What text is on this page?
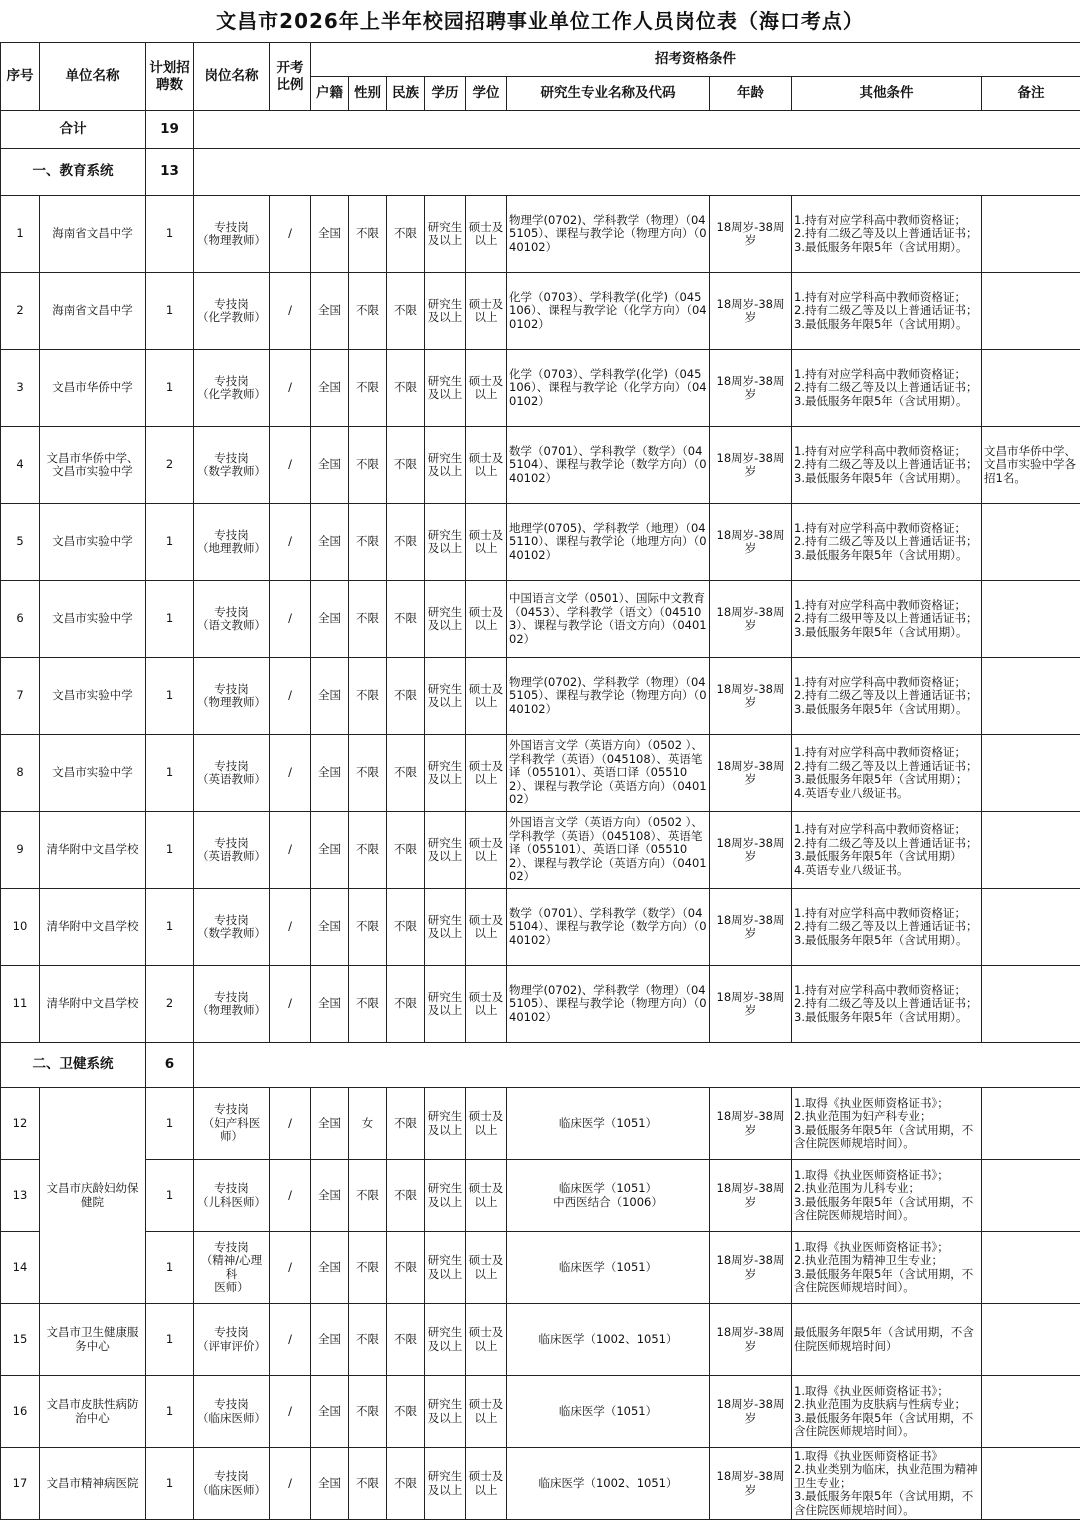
文昌市2026年上半年校园招聘事业单位工作人员岗位表（海口考点）
序号	单位名称	计划招聘数	岗位名称	开考比例	招考资格条件								
					户籍	性别	民族	学历	学位	研究生专业名称及代码	年龄	其他条件	备注
合计		19											
一、教育系统		13											
1	海南省文昌中学	1	专技岗
（物理教师）	/	全国	不限	不限	研究生及以上	硕士及以上	物理学(0702)、学科教学（物理）（045105）、课程与教学论（物理方向）（040102）	18周岁-38周岁	1.持有对应学科高中教师资格证；
2.持有二级乙等及以上普通话证书；
3.最低服务年限5年（含试用期）。	
2	海南省文昌中学	1	专技岗
（化学教师）	/	全国	不限	不限	研究生及以上	硕士及以上	化学（0703）、学科教学(化学)（045106）、课程与教学论（化学方向）（040102）	18周岁-38周岁	1.持有对应学科高中教师资格证；
2.持有二级乙等及以上普通话证书；
3.最低服务年限5年（含试用期）。	
3	文昌市华侨中学	1	专技岗
（化学教师）	/	全国	不限	不限	研究生及以上	硕士及以上	化学（0703）、学科教学(化学)（045106）、课程与教学论（化学方向）（040102）	18周岁-38周岁	1.持有对应学科高中教师资格证；
2.持有二级乙等及以上普通话证书；
3.最低服务年限5年（含试用期）。	
4	文昌市华侨中学、文昌市实验中学	2	专技岗
（数学教师）	/	全国	不限	不限	研究生及以上	硕士及以上	数学（0701）、学科教学（数学）（045104）、课程与教学论（数学方向）（040102）	18周岁-38周岁	1.持有对应学科高中教师资格证；
2.持有二级乙等及以上普通话证书；
3.最低服务年限5年（含试用期）。	文昌市华侨中学、文昌市实验中学各招1名。
5	文昌市实验中学	1	专技岗
（地理教师）	/	全国	不限	不限	研究生及以上	硕士及以上	地理学(0705)、学科教学（地理）（045110）、课程与教学论（地理方向）（040102）	18周岁-38周岁	1.持有对应学科高中教师资格证；
2.持有二级乙等及以上普通话证书；
3.最低服务年限5年（含试用期）。	
6	文昌市实验中学	1	专技岗
（语文教师）	/	全国	不限	不限	研究生及以上	硕士及以上	中国语言文学（0501）、国际中文教育（0453）、学科教学（语文）（045103）、课程与教学论（语文方向）（040102）	18周岁-38周岁	1.持有对应学科高中教师资格证；
2.持有二级甲等及以上普通话证书；
3.最低服务年限5年（含试用期）。	
7	文昌市实验中学	1	专技岗
（物理教师）	/	全国	不限	不限	研究生及以上	硕士及以上	物理学(0702)、学科教学（物理）（045105）、课程与教学论（物理方向）（040102）	18周岁-38周岁	1.持有对应学科高中教师资格证；
2.持有二级乙等及以上普通话证书；
3.最低服务年限5年（含试用期）。	
8	文昌市实验中学	1	专技岗
（英语教师）	/	全国	不限	不限	研究生及以上	硕士及以上	外国语言文学（英语方向）（0502 ）、学科教学（英语）（045108）、英语笔译（055101）、英语口译（055102）、课程与教学论（英语方向）（040102）	18周岁-38周岁	1.持有对应学科高中教师资格证；
2.持有二级乙等及以上普通话证书；
3.最低服务年限5年（含试用期）；
4.英语专业八级证书。	
9	清华附中文昌学校	1	专技岗
（英语教师）	/	全国	不限	不限	研究生及以上	硕士及以上	外国语言文学（英语方向）（0502 ）、学科教学（英语）（045108）、英语笔译（055101）、英语口译（055102）、课程与教学论（英语方向）（040102）	18周岁-38周岁	1.持有对应学科高中教师资格证；
2.持有二级乙等及以上普通话证书；
3.最低服务年限5年（含试用期）
4.英语专业八级证书。	
10	清华附中文昌学校	1	专技岗
（数学教师）	/	全国	不限	不限	研究生及以上	硕士及以上	数学（0701）、学科教学（数学）（045104）、课程与教学论（数学方向）（040102）	18周岁-38周岁	1.持有对应学科高中教师资格证；
2.持有二级乙等及以上普通话证书；
3.最低服务年限5年（含试用期）。	
11	清华附中文昌学校	2	专技岗
（物理教师）	/	全国	不限	不限	研究生及以上	硕士及以上	物理学(0702)、学科教学（物理）（045105）、课程与教学论（物理方向）（040102）	18周岁-38周岁	1.持有对应学科高中教师资格证；
2.持有二级乙等及以上普通话证书；
3.最低服务年限5年（含试用期）。	
二、卫健系统		6											
12	文昌市庆龄妇幼保健院	1	专技岗
（妇产科医
师）	/	全国	女	不限	研究生及以上	硕士及以上	临床医学（1051）	18周岁-38周岁	1.取得《执业医师资格证书》；
2.执业范围为妇产科专业；
3.最低服务年限5年（含试用期，不含住院医师规培时间）。	
13		1	专技岗
（儿科医师）	/	全国	不限	不限	研究生及以上	硕士及以上	临床医学（1051）
中西医结合（1006）	18周岁-38周岁	1.取得《执业医师资格证书》；
2.执业范围为儿科专业；
3.最低服务年限5年（含试用期，不含住院医师规培时间）。	
14		1	专技岗
（精神/心理科
医师）	/	全国	不限	不限	研究生及以上	硕士及以上	临床医学（1051）	18周岁-38周岁	1.取得《执业医师资格证书》；
2.执业范围为精神卫生专业；
3.最低服务年限5年（含试用期，不含住院医师规培时间）。	
15	文昌市卫生健康服务中心	1	专技岗
（评审评价）	/	全国	不限	不限	研究生及以上	硕士及以上	临床医学（1002、1051）	18周岁-38周岁	最低服务年限5年（含试用期，不含住院医师规培时间）	
16	文昌市皮肤性病防治中心	1	专技岗
（临床医师）	/	全国	不限	不限	研究生及以上	硕士及以上	临床医学（1051）	18周岁-38周岁	1.取得《执业医师资格证书》；
2.执业范围为皮肤病与性病专业；
3.最低服务年限5年（含试用期，不含住院医师规培时间）。	
17	文昌市精神病医院	1	专技岗
（临床医师）	/	全国	不限	不限	研究生及以上	硕士及以上	临床医学（1002、1051）	18周岁-38周岁	1.取得《执业医师资格证书》
2.执业类别为临床，执业范围为精神卫生专业；
3.最低服务年限5年（含试用期，不含住院医师规培时间）。	
